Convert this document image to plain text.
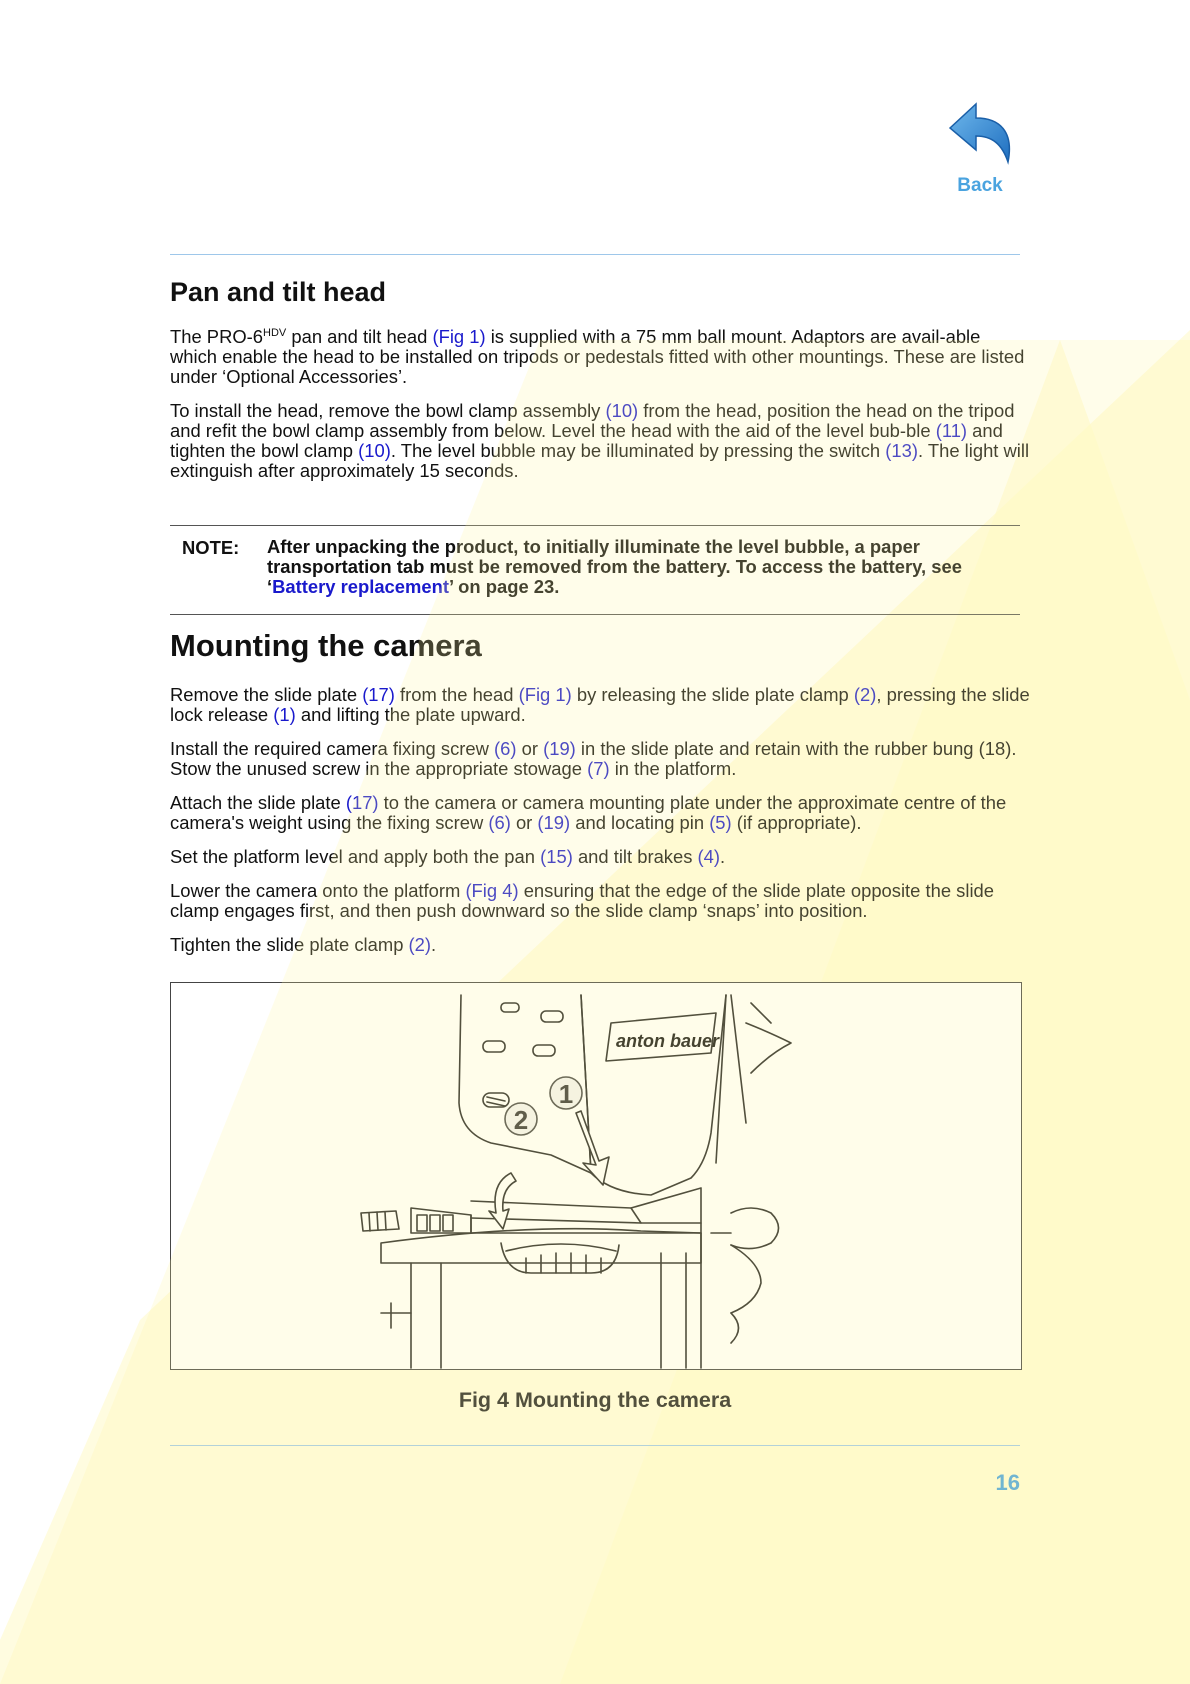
Back
Pan and tilt head

The PRO-$6^{HDV}$ pan and tilt head (Fig 1) is supplied with a 75 mm ball mount. Adaptors are avail-able which enable the head to be installed on tripods or pedestals fitted with other mountings. These are listed under ‘Optional Accessories’.

To install the head, remove the bowl clamp assembly (10) from the head, position the head on the tripod and refit the bowl clamp assembly from below. Level the head with the aid of the level bub-ble (11) and tighten the bowl clamp (10). The level bubble may be illuminated by pressing the switch (13). The light will extinguish after approximately 15 seconds.

NOTE: After unpacking the product, to initially illuminate the level bubble, a paper transportation tab must be removed from the battery. To access the battery, see ‘Battery replacement’ on page 23.
Mounting the camera

Remove the slide plate (17) from the head (Fig 1) by releasing the slide plate clamp (2), pressing the slide lock release (1) and lifting the plate upward.

Install the required camera fixing screw (6) or (19) in the slide plate and retain with the rubber bung (18). Stow the unused screw in the appropriate stowage (7) in the platform.

Attach the slide plate (17) to the camera or camera mounting plate under the approximate centre of the camera's weight using the fixing screw (6) or (19) and locating pin (5) (if appropriate).

Set the platform level and apply both the pan (15) and tilt brakes (4).

Lower the camera onto the platform (Fig 4) ensuring that the edge of the slide plate opposite the slide clamp engages first, and then push downward so the slide clamp ‘snaps’ into position.

Tighten the slide plate clamp (2).

anton bauer
1
2
Fig 4 Mounting the camera
16
